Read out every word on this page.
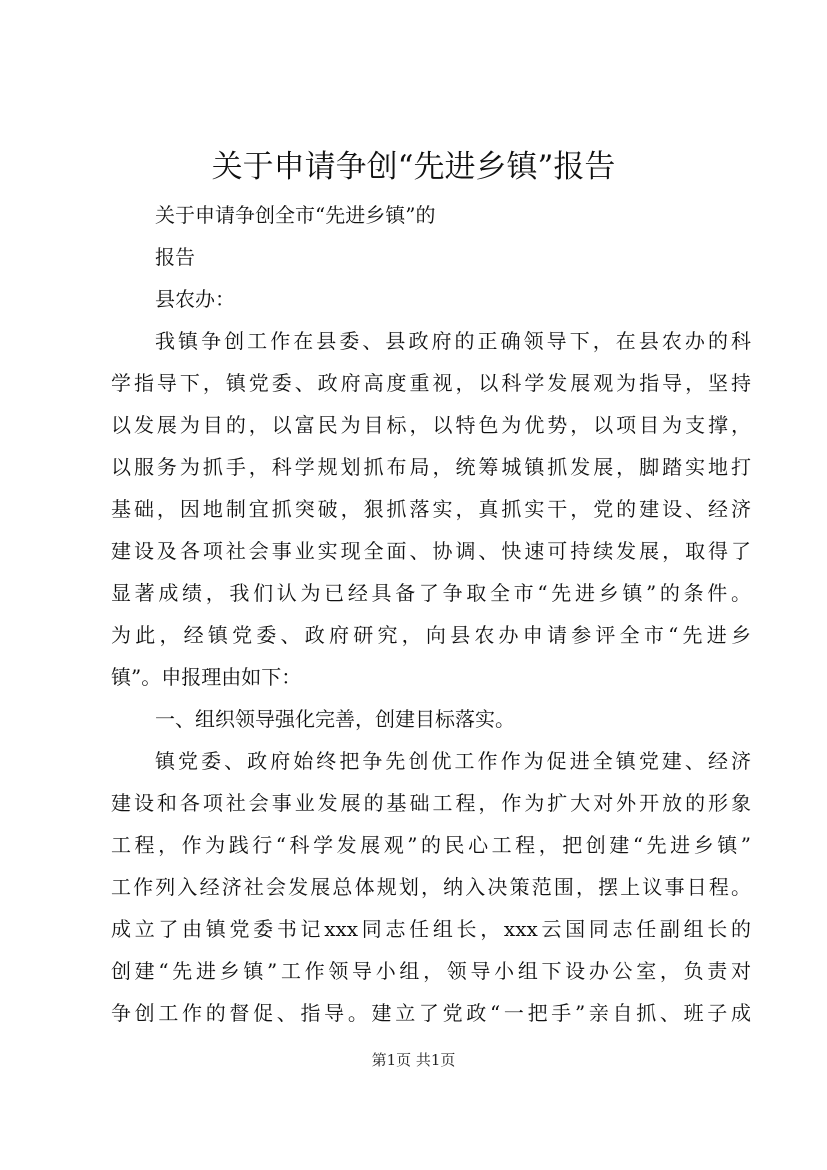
关于申请争创“先进乡镇”报告
关于申请争创全市“先进乡镇”的
报告
县农办：
我镇争创工作在县委、县政府的正确领导下，在县农办的科
学指导下，镇党委、政府高度重视，以科学发展观为指导，坚持
以发展为目的，以富民为目标，以特色为优势，以项目为支撑，
以服务为抓手，科学规划抓布局，统筹城镇抓发展，脚踏实地打
基础，因地制宜抓突破，狠抓落实，真抓实干，党的建设、经济
建设及各项社会事业实现全面、协调、快速可持续发展，取得了
显著成绩，我们认为已经具备了争取全市“先进乡镇”的条件。
为此，经镇党委、政府研究，向县农办申请参评全市“先进乡
镇”。申报理由如下：
一、组织领导强化完善，创建目标落实。
镇党委、政府始终把争先创优工作作为促进全镇党建、经济
建设和各项社会事业发展的基础工程，作为扩大对外开放的形象
工程，作为践行“科学发展观”的民心工程，把创建“先进乡镇”
工作列入经济社会发展总体规划，纳入决策范围，摆上议事日程。
成立了由镇党委书记xxx同志任组长，xxx云国同志任副组长的
创建“先进乡镇”工作领导小组，领导小组下设办公室，负责对
争创工作的督促、指导。建立了党政“一把手”亲自抓、班子成
第1页 共1页
